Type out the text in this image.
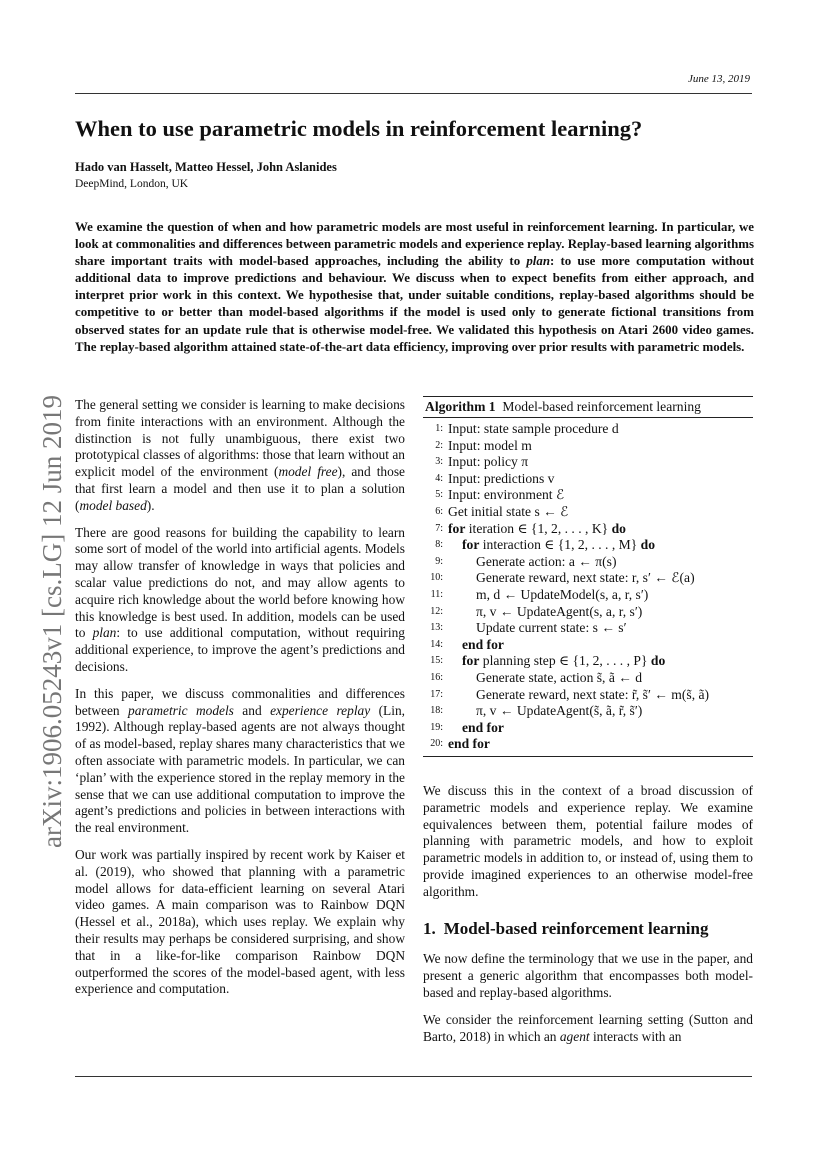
June 13, 2019
When to use parametric models in reinforcement learning?
Hado van Hasselt, Matteo Hessel, John Aslanides
DeepMind, London, UK
We examine the question of when and how parametric models are most useful in reinforcement learning. In particular, we look at commonalities and differences between parametric models and experience replay. Replay-based learning algorithms share important traits with model-based approaches, including the ability to plan: to use more computation without additional data to improve predictions and behaviour. We discuss when to expect benefits from either approach, and interpret prior work in this context. We hypothesise that, under suitable conditions, replay-based algorithms should be competitive to or better than model-based algorithms if the model is used only to generate fictional transitions from observed states for an update rule that is otherwise model-free. We validated this hypothesis on Atari 2600 video games. The replay-based algorithm attained state-of-the-art data efficiency, improving over prior results with parametric models.
arXiv:1906.05243v1 [cs.LG] 12 Jun 2019 The general setting we consider is learning to make decisions from finite interactions with an environment. Although the distinction is not fully unambiguous, there exist two prototypical classes of algorithms: those that learn without an explicit model of the environment (model free), and those that first learn a model and then use it to plan a solution (model based).

There are good reasons for building the capability to learn some sort of model of the world into artificial agents. Models may allow transfer of knowledge in ways that policies and scalar value predictions do not, and may allow agents to acquire rich knowledge about the world before knowing how this knowledge is best used. In addition, models can be used to plan: to use additional computation, without requiring additional experience, to improve the agent’s predictions and decisions.

In this paper, we discuss commonalities and differences between parametric models and experience replay (Lin, 1992). Although replay-based agents are not always thought of as model-based, replay shares many characteristics that we often associate with parametric models. In particular, we can ‘plan’ with the experience stored in the replay memory in the sense that we can use additional computation to improve the agent’s predictions and policies in between interactions with the real environment.

Our work was partially inspired by recent work by Kaiser et al. (2019), who showed that planning with a parametric model allows for data-efficient learning on several Atari video games. A main comparison was to Rainbow DQN (Hessel et al., 2018a), which uses replay. We explain why their results may perhaps be considered surprising, and show that in a like-for-like comparison Rainbow DQN outperformed the scores of the model-based agent, with less experience and computation.

Algorithm 1 Model-based reinforcement learning
1: Input: state sample procedure d
2: Input: model m
3: Input: policy π
4: Input: predictions v
5: Input: environment ℰ
6: Get initial state s ← ℰ
7: for iteration ∈ {1, 2, . . . , K} do
8:	for interaction ∈ {1, 2, . . . , M} do
9:	Generate action: a ← π(s)
10:	Generate reward, next state: r, s′ ← ℰ(a)
11:	m, d ← UpdateModel(s, a, r, s′)
12:	π, v ← UpdateAgent(s, a, r, s′)
13:	Update current state: s ← s′
14:	end for
15:	for planning step ∈ {1, 2, . . . , P} do
16:	Generate state, action s̃, ã ← d
17:	Generate reward, next state: r̃, s̃′ ← m(s̃, ã)
18:	π, v ← UpdateAgent(s̃, ã, r̃, s̃′)
19:	end for
20: end for

We discuss this in the context of a broad discussion of parametric models and experience replay. We examine equivalences between them, potential failure modes of planning with parametric models, and how to exploit parametric models in addition to, or instead of, using them to provide imagined experiences to an otherwise model-free algorithm.

1. Model-based reinforcement learning

We now define the terminology that we use in the paper, and present a generic algorithm that encompasses both model-based and replay-based algorithms.

We consider the reinforcement learning setting (Sutton and Barto, 2018) in which an agent interacts with an
